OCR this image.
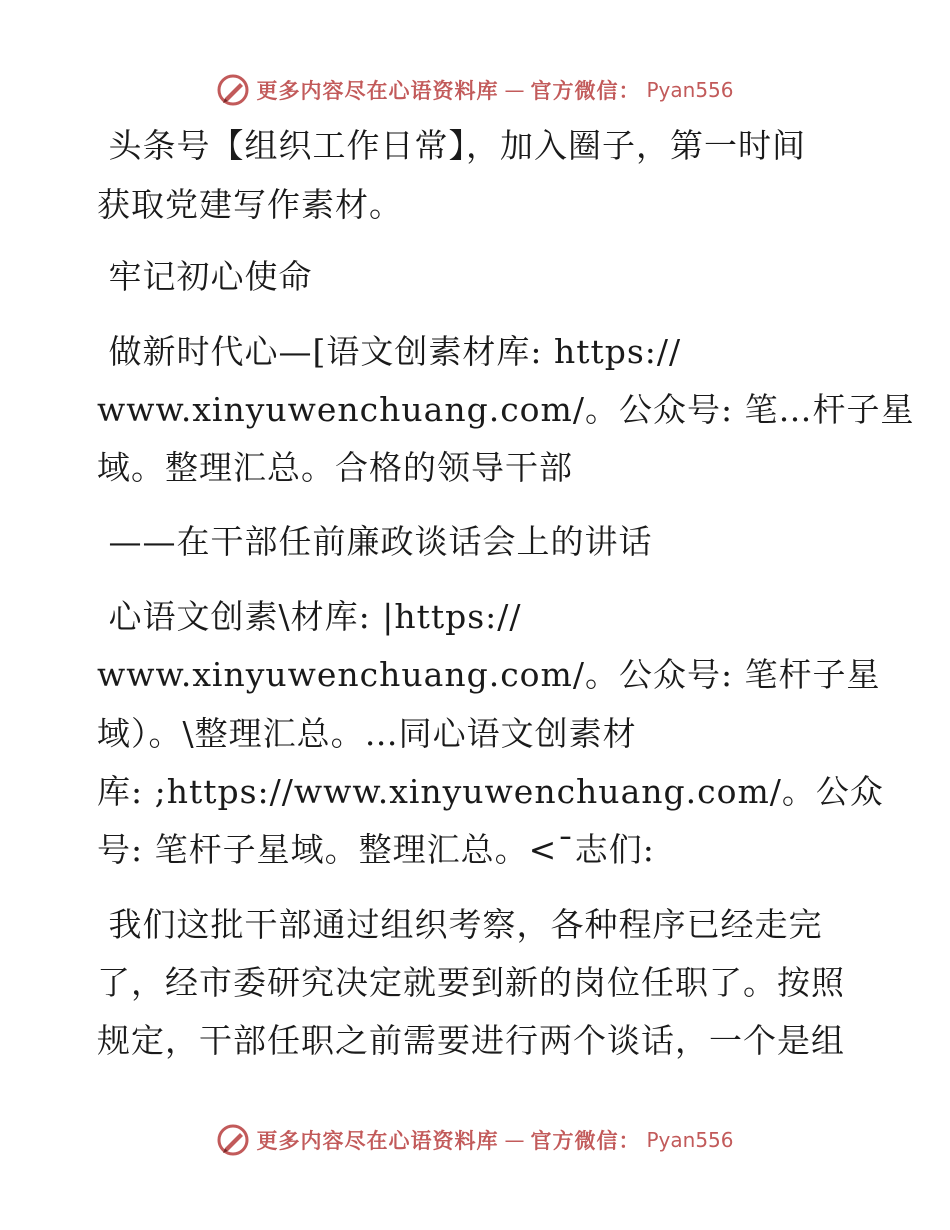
更多内容尽在心语资料库 — 官方微信： Pyan556
头条号【组织工作日常】，加入圈子，第一时间
获取党建写作素材。
牢记初心使命
做新时代心—[语文创素材库: https://
www.xinyuwenchuang.com/。公众号: 笔…杆子星
域。整理汇总。合格的领导干部
——在干部任前廉政谈话会上的讲话
心语文创素\材库: |https://
www.xinyuwenchuang.com/。公众号: 笔杆子星
域）。\整理汇总。…同心语文创素材
库: ;https://www.xinyuwenchuang.com/。公众
号: 笔杆子星域。整理汇总。<¯志们:
我们这批干部通过组织考察，各种程序已经走完
了，经市委研究决定就要到新的岗位任职了。按照
规定，干部任职之前需要进行两个谈话，一个是组
更多内容尽在心语资料库 — 官方微信： Pyan556
